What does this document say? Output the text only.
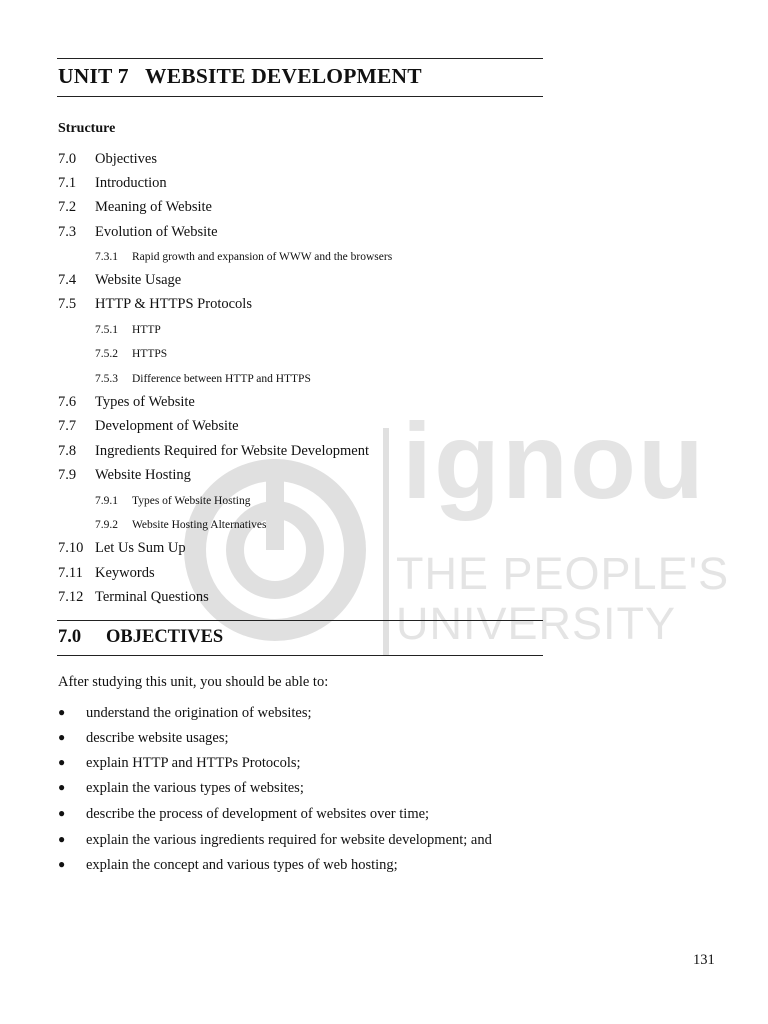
ignou
THE PEOPLE'S
UNIVERSITY
UNIT 7   WEBSITE DEVELOPMENT
Structure
7.0 Objectives
7.1 Introduction
7.2 Meaning of Website
7.3 Evolution of Website
7.3.1 Rapid growth and expansion of WWW and the browsers
7.4 Website Usage
7.5 HTTP & HTTPS Protocols
7.5.1 HTTP
7.5.2 HTTPS
7.5.3 Difference between HTTP and HTTPS
7.6 Types of Website
7.7 Development of Website
7.8 Ingredients Required for Website Development
7.9 Website Hosting
7.9.1 Types of Website Hosting
7.9.2 Website Hosting Alternatives
7.10 Let Us Sum Up
7.11 Keywords
7.12 Terminal Questions
7.0 OBJECTIVES
After studying this unit, you should be able to:
● understand the origination of websites;
● describe website usages;
● explain HTTP and HTTPs Protocols;
● explain the various types of websites;
● describe the process of development of websites over time;
● explain the various ingredients required for website development; and
● explain the concept and various types of web hosting;
131
